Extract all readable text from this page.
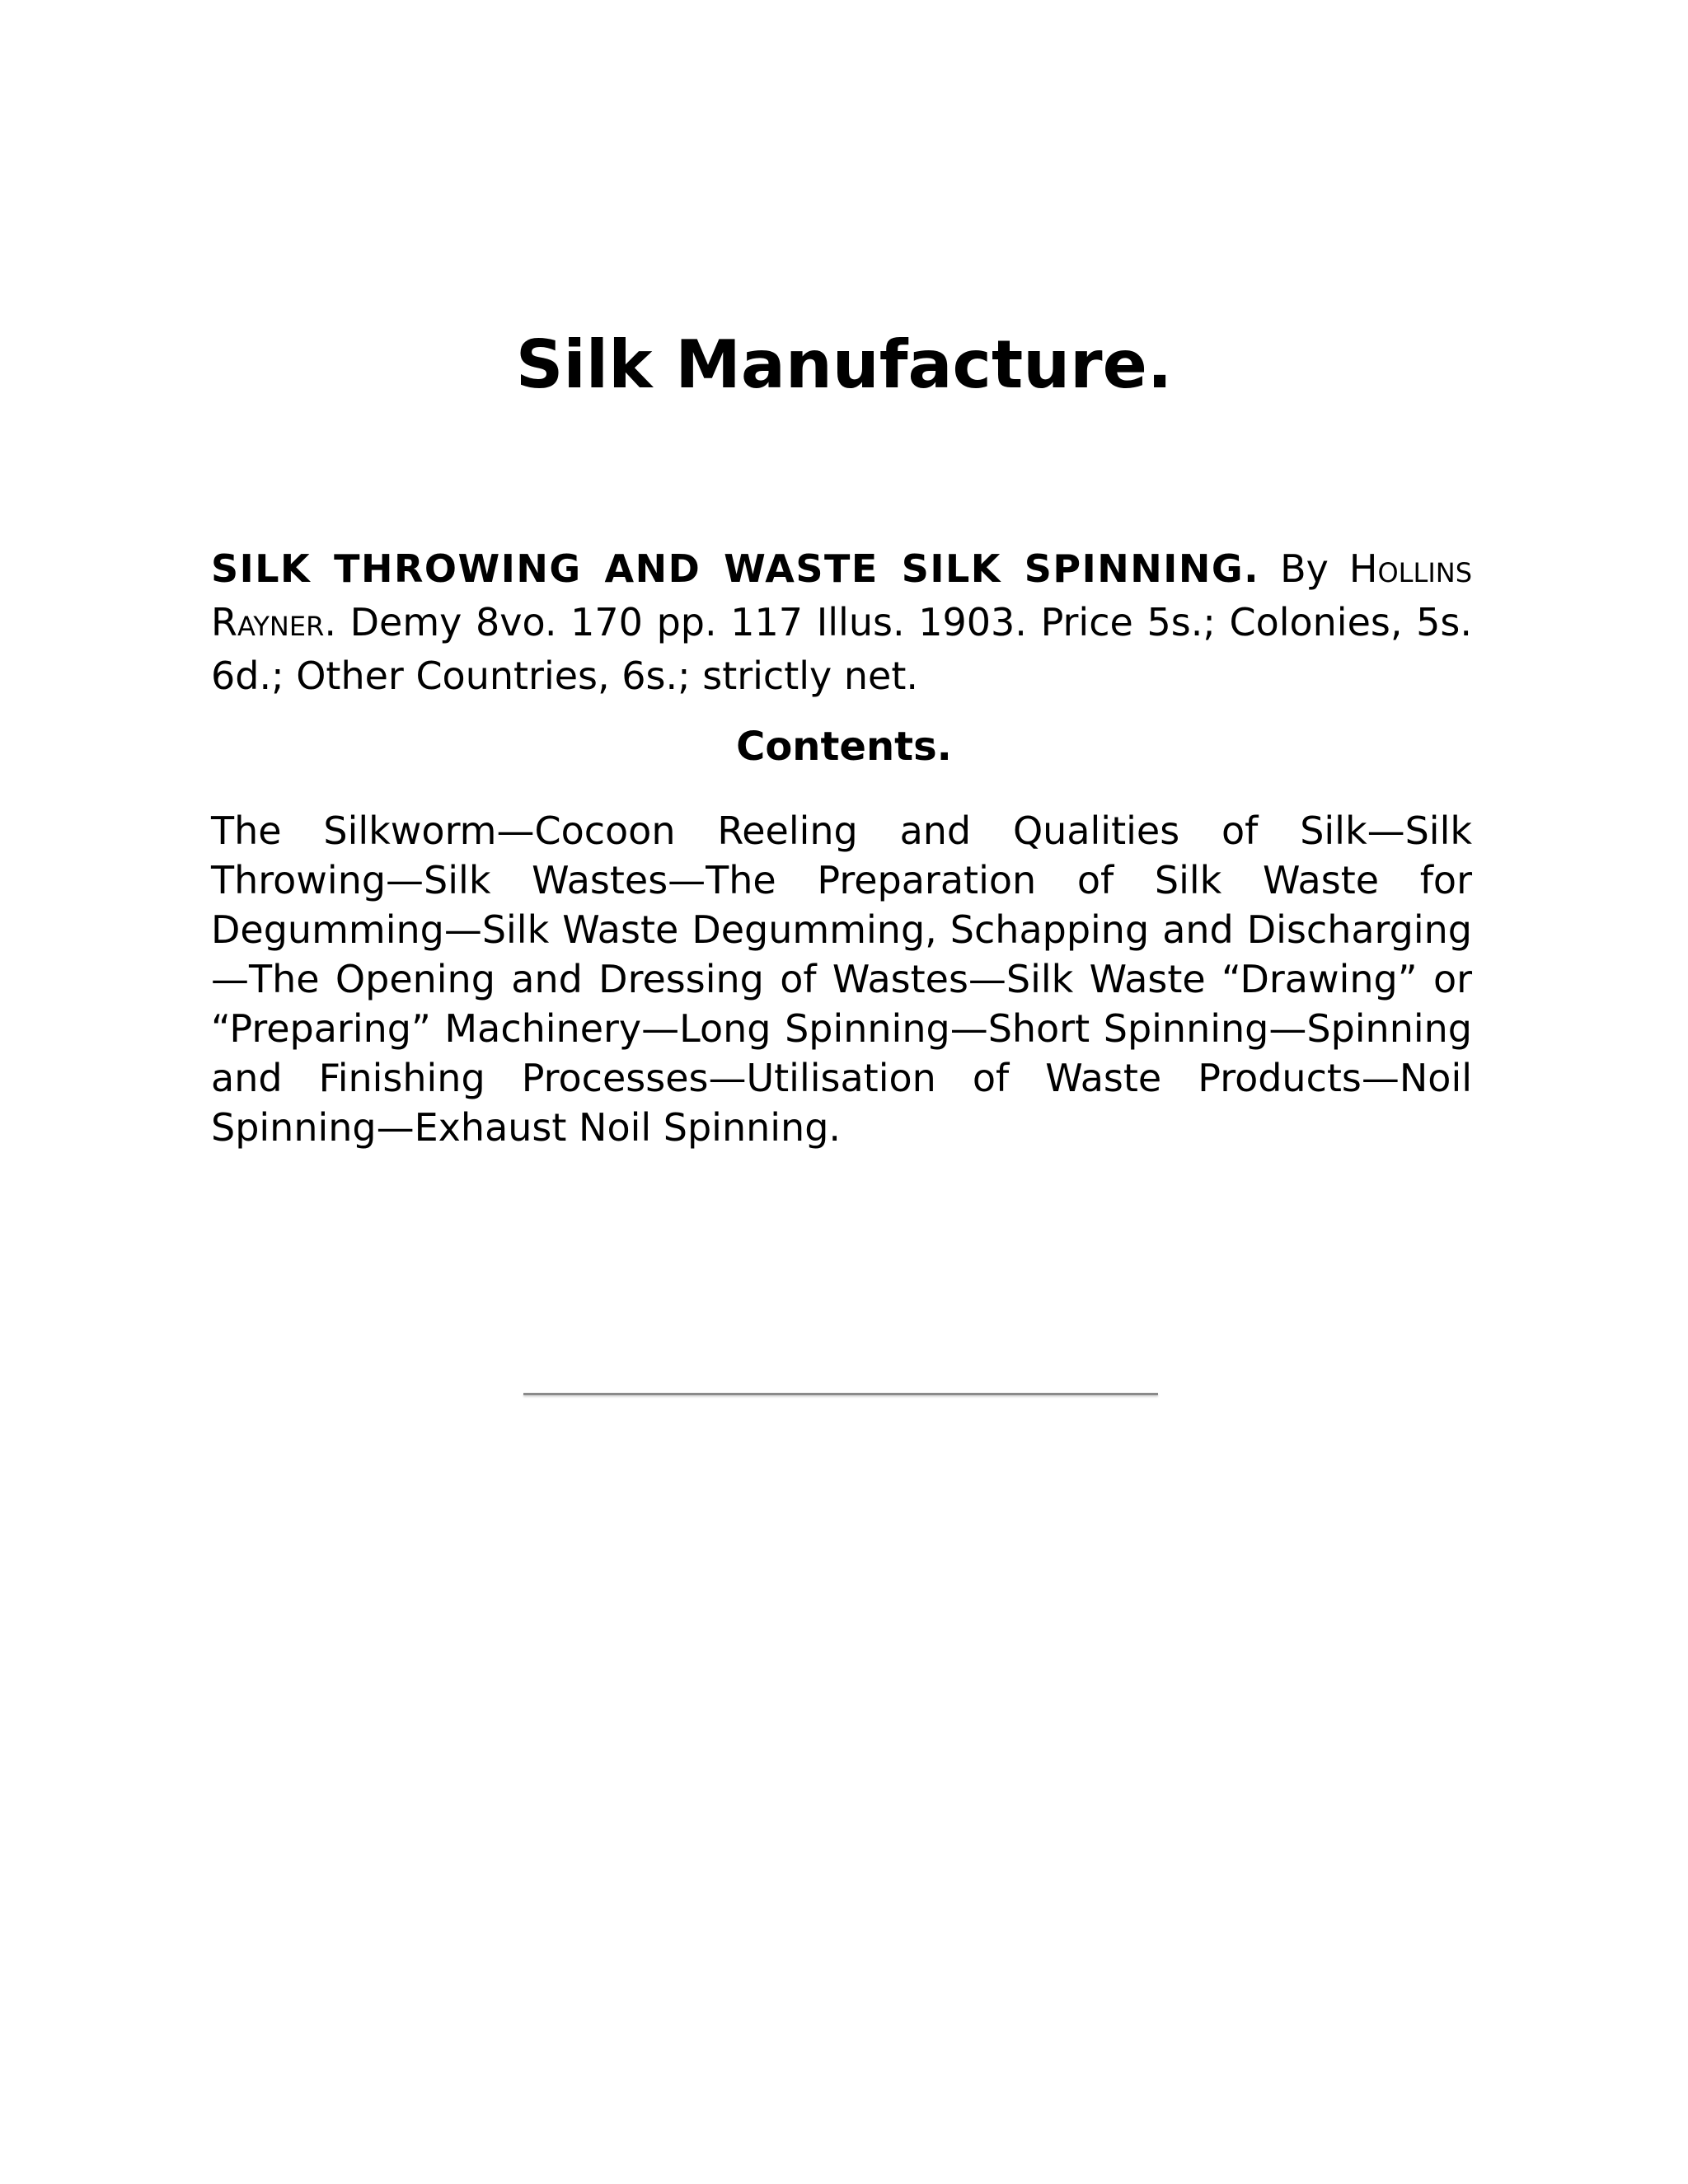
Silk Manufacture.

SILK THROWING AND WASTE SILK SPINNING. By HOLLINS RAYNER. Demy 8vo. 170 pp. 117 Illus. 1903. Price 5s.; Colonies, 5s. 6d.; Other Countries, 6s.; strictly net.

Contents.

The Silkworm—Cocoon Reeling and Qualities of Silk—Silk Throwing—Silk Wastes—The Preparation of Silk Waste for Degumming—Silk Waste Degumming, Schapping and Discharging—The Opening and Dressing of Wastes—Silk Waste “Drawing” or “Preparing” Machinery—Long Spinning—Short Spinning—Spinning and Finishing Processes—Utilisation of Waste Products—Noil Spinning—Exhaust Noil Spinning.
